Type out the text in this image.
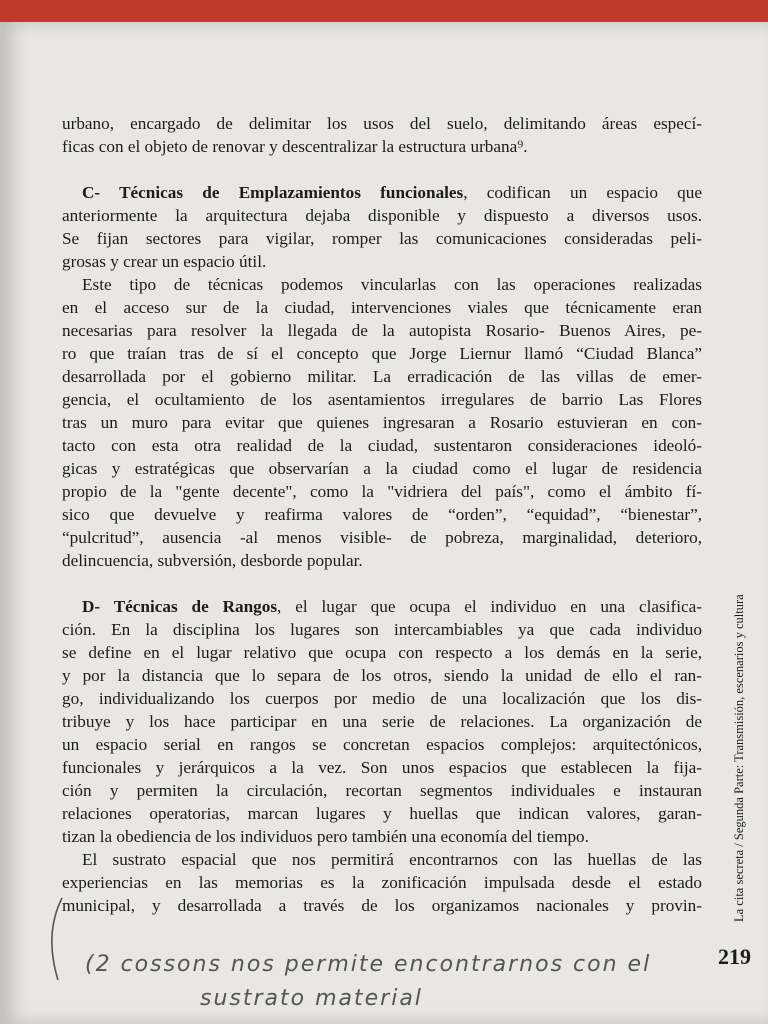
urbano, encargado de delimitar los usos del suelo, delimitando áreas especí-
ficas con el objeto de renovar y descentralizar la estructura urbana⁹.
C- Técnicas de Emplazamientos funcionales, codifican un espacio que
anteriormente la arquitectura dejaba disponible y dispuesto a diversos usos.
Se fijan sectores para vigilar, romper las comunicaciones consideradas peli-
grosas y crear un espacio útil.
Este tipo de técnicas podemos vincularlas con las operaciones realizadas
en el acceso sur de la ciudad, intervenciones viales que técnicamente eran
necesarias para resolver la llegada de la autopista Rosario- Buenos Aires, pe-
ro que traían tras de sí el concepto que Jorge Liernur llamó “Ciudad Blanca”
desarrollada por el gobierno militar. La erradicación de las villas de emer-
gencia, el ocultamiento de los asentamientos irregulares de barrio Las Flores
tras un muro para evitar que quienes ingresaran a Rosario estuvieran en con-
tacto con esta otra realidad de la ciudad, sustentaron consideraciones ideoló-
gicas y estratégicas que observarían a la ciudad como el lugar de residencia
propio de la "gente decente", como la "vidriera del país", como el ámbito fí-
sico que devuelve y reafirma valores de “orden”, “equidad”, “bienestar”,
“pulcritud”, ausencia -al menos visible- de pobreza, marginalidad, deterioro,
delincuencia, subversión, desborde popular.
D- Técnicas de Rangos, el lugar que ocupa el individuo en una clasifica-
ción. En la disciplina los lugares son intercambiables ya que cada individuo
se define en el lugar relativo que ocupa con respecto a los demás en la serie,
y por la distancia que lo separa de los otros, siendo la unidad de ello el ran-
go, individualizando los cuerpos por medio de una localización que los dis-
tribuye y los hace participar en una serie de relaciones. La organización de
un espacio serial en rangos se concretan espacios complejos: arquitectónicos,
funcionales y jerárquicos a la vez. Son unos espacios que establecen la fija-
ción y permiten la circulación, recortan segmentos individuales e instauran
relaciones operatorias, marcan lugares y huellas que indican valores, garan-
tizan la obediencia de los individuos pero también una economía del tiempo.
El sustrato espacial que nos permitirá encontrarnos con las huellas de las
experiencias en las memorias es la zonificación impulsada desde el estado
municipal, y desarrollada a través de los organizamos nacionales y provin- La cita secreta / Segunda Parte: Transmisión, escenarios y cultura
219
(2 cossons nos permite encontrarnos con el
sustrato material
